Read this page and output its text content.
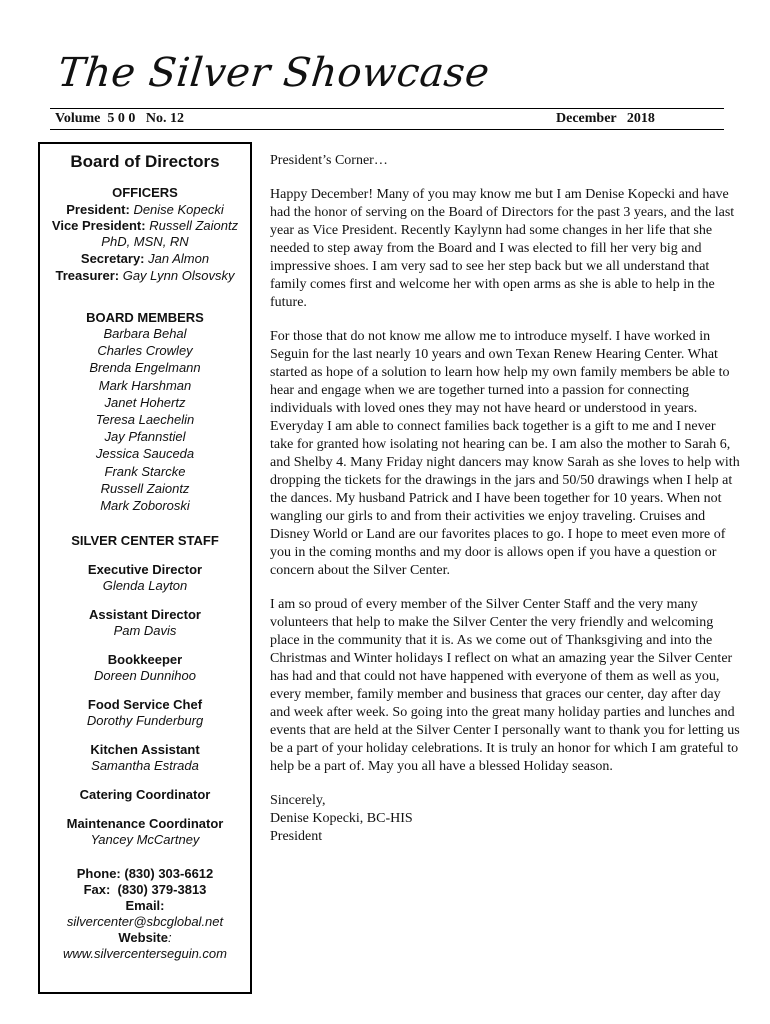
The Silver Showcase
Volume  5 0 0   No. 12	December   2018
Board of Directors
OFFICERS
President: Denise Kopecki
Vice President: Russell Zaiontz
PhD, MSN, RN
Secretary: Jan Almon
Treasurer: Gay Lynn Olsovsky
BOARD MEMBERS
Barbara Behal
Charles Crowley
Brenda Engelmann
Mark Harshman
Janet Hohertz
Teresa Laechelin
Jay Pfannstiel
Jessica Sauceda
Frank Starcke
Russell Zaiontz
Mark Zoboroski
SILVER CENTER STAFF
Executive Director
Glenda Layton
Assistant Director
Pam Davis
Bookkeeper
Doreen Dunnihoo
Food Service Chef
Dorothy Funderburg
Kitchen Assistant
Samantha Estrada
Catering Coordinator
Maintenance Coordinator
Yancey McCartney
Phone: (830) 303-6612
Fax:  (830) 379-3813
Email:
silvercenter@sbcglobal.net
Website:
www.silvercenterseguin.com

President’s Corner…

Happy December! Many of you may know me but I am Denise Kopecki and have had the honor of serving on the Board of Directors for the past 3 years, and the last year as Vice President. Recently Kaylynn had some changes in her life that she needed to step away from the Board and I was elected to fill her very big and impressive shoes. I am very sad to see her step back but we all understand that family comes first and welcome her with open arms as she is able to help in the future.

For those that do not know me allow me to introduce myself. I have worked in Seguin for the last nearly 10 years and own Texan Renew Hearing Center. What started as hope of a solution to learn how help my own family members be able to hear and engage when we are together turned into a passion for connecting individuals with loved ones they may not have heard or understood in years. Everyday I am able to connect families back together is a gift to me and I never take for granted how isolating not hearing can be. I am also the mother to Sarah 6, and Shelby 4. Many Friday night dancers may know Sarah as she loves to help with dropping the tickets for the drawings in the jars and 50/50 drawings when I help at the dances. My husband Patrick and I have been together for 10 years. When not wangling our girls to and from their activities we enjoy traveling. Cruises and Disney World or Land are our favorites places to go. I hope to meet even more of you in the coming months and my door is allows open if you have a question or concern about the Silver Center.

I am so proud of every member of the Silver Center Staff and the very many volunteers that help to make the Silver Center the very friendly and welcoming place in the community that it is. As we come out of Thanksgiving and into the Christmas and Winter holidays I reflect on what an amazing year the Silver Center has had and that could not have happened with everyone of them as well as you, every member, family member and business that graces our center, day after day and week after week. So going into the great many holiday parties and lunches and events that are held at the Silver Center I personally want to thank you for letting us be a part of your holiday celebrations. It is truly an honor for which I am grateful to help be a part of. May you all have a blessed Holiday season.

Sincerely,
Denise Kopecki, BC-HIS
President
